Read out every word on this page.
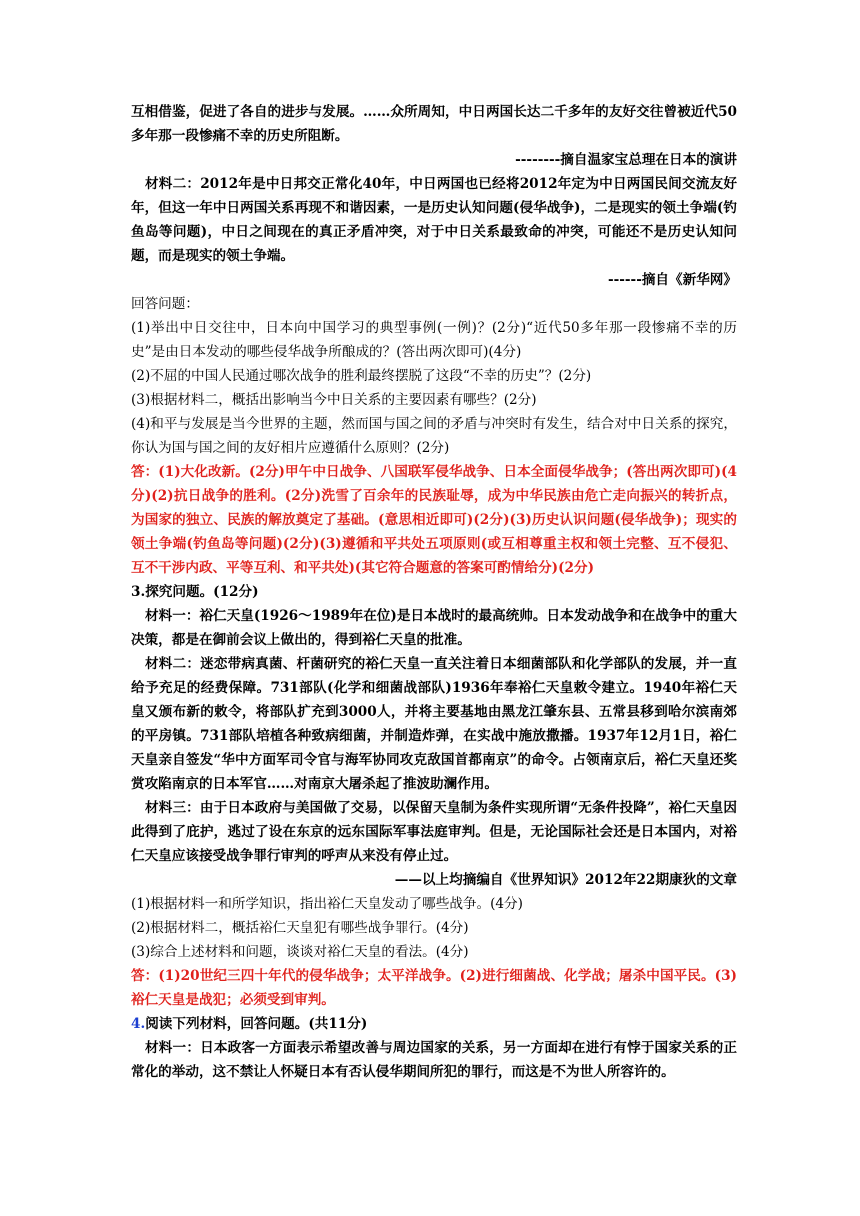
互相借鉴，促进了各自的进步与发展。……众所周知，中日两国长达二千多年的友好交往曾被近代50多年那一段惨痛不幸的历史所阻断。

--------摘自温家宝总理在日本的演讲

材料二：2012年是中日邦交正常化40年，中日两国也已经将2012年定为中日两国民间交流友好年，但这一年中日两国关系再现不和谐因素，一是历史认知问题(侵华战争)，二是现实的领土争端(钓鱼岛等问题)，中日之间现在的真正矛盾冲突，对于中日关系最致命的冲突，可能还不是历史认知问题，而是现实的领土争端。

------摘自《新华网》

回答问题：

(1)举出中日交往中，日本向中国学习的典型事例(一例)？(2分)“近代50多年那一段惨痛不幸的历史”是由日本发动的哪些侵华战争所酿成的？(答出两次即可)(4分)

(2)不屈的中国人民通过哪次战争的胜利最终摆脱了这段“不幸的历史”？(2分)

(3)根据材料二，概括出影响当今中日关系的主要因素有哪些？(2分)

(4)和平与发展是当今世界的主题，然而国与国之间的矛盾与冲突时有发生，结合对中日关系的探究，你认为国与国之间的友好相片应遵循什么原则？(2分)

答：(1)大化改新。(2分)甲午中日战争、八国联军侵华战争、日本全面侵华战争；(答出两次即可)(4分)(2)抗日战争的胜利。(2分)洗雪了百余年的民族耻辱，成为中华民族由危亡走向振兴的转折点，为国家的独立、民族的解放奠定了基础。(意思相近即可)(2分)(3)历史认识问题(侵华战争)；现实的领土争端(钓鱼岛等问题)(2分)(3)遵循和平共处五项原则(或互相尊重主权和领土完整、互不侵犯、互不干涉内政、平等互利、和平共处)(其它符合题意的答案可酌情给分)(2分)

3.探究问题。(12分)

材料一：裕仁天皇(1926～1989年在位)是日本战时的最高统帅。日本发动战争和在战争中的重大决策，都是在御前会议上做出的，得到裕仁天皇的批准。

材料二：迷恋带病真菌、杆菌研究的裕仁天皇一直关注着日本细菌部队和化学部队的发展，并一直给予充足的经费保障。731部队(化学和细菌战部队)1936年奉裕仁天皇敕令建立。1940年裕仁天皇又颁布新的敕令，将部队扩充到3000人，并将主要基地由黑龙江肇东县、五常县移到哈尔滨南郊的平房镇。731部队培植各种致病细菌，并制造炸弹，在实战中施放撒播。1937年12月1日，裕仁天皇亲自签发“华中方面军司令官与海军协同攻克敌国首都南京”的命令。占领南京后，裕仁天皇还奖赏攻陷南京的日本军官……对南京大屠杀起了推波助澜作用。

材料三：由于日本政府与美国做了交易，以保留天皇制为条件实现所谓“无条件投降”，裕仁天皇因此得到了庇护，逃过了设在东京的远东国际军事法庭审判。但是，无论国际社会还是日本国内，对裕仁天皇应该接受战争罪行审判的呼声从来没有停止过。

——以上均摘编自《世界知识》2012年22期康狄的文章

(1)根据材料一和所学知识，指出裕仁天皇发动了哪些战争。(4分)

(2)根据材料二，概括裕仁天皇犯有哪些战争罪行。(4分)

(3)综合上述材料和问题，谈谈对裕仁天皇的看法。(4分)

答：(1)20世纪三四十年代的侵华战争；太平洋战争。(2)进行细菌战、化学战；屠杀中国平民。(3)裕仁天皇是战犯；必须受到审判。

4.阅读下列材料，回答问题。(共11分)

材料一：日本政客一方面表示希望改善与周边国家的关系，另一方面却在进行有悖于国家关系的正常化的举动，这不禁让人怀疑日本有否认侵华期间所犯的罪行，而这是不为世人所容许的。
